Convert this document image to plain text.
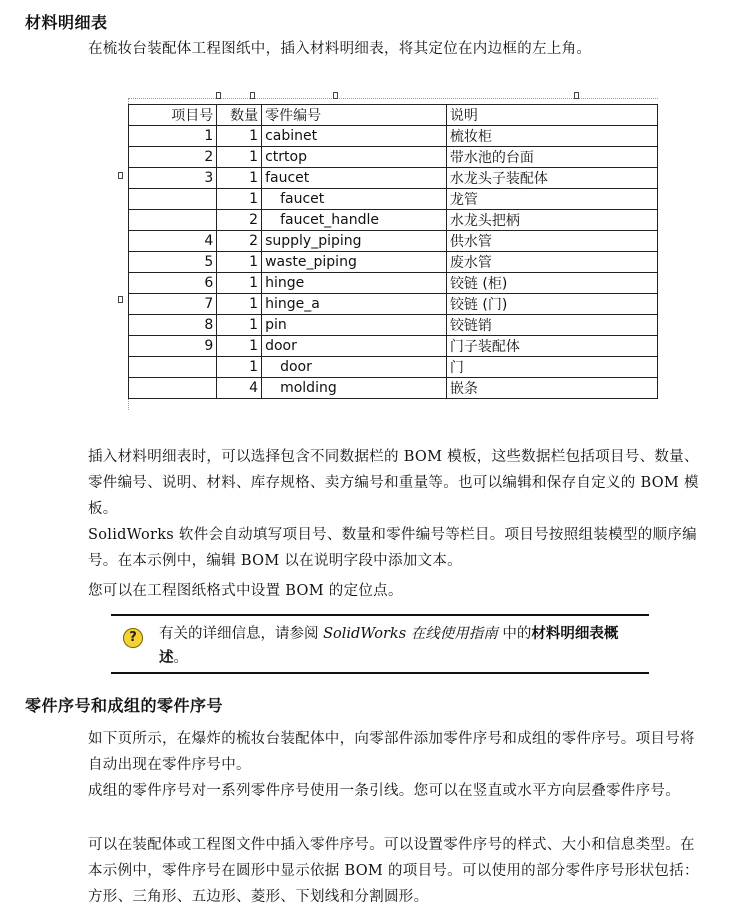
材料明细表

在梳妆台装配体工程图纸中，插入材料明细表，将其定位在内边框的左上角。

项目号	数量	零件编号	说明
1	1	cabinet	梳妆柜
2	1	ctrtop	带水池的台面
3	1	faucet	水龙头子装配体
	1	faucet	龙管
	2	faucet_handle	水龙头把柄
4	2	supply_piping	供水管
5	1	waste_piping	废水管
6	1	hinge	铰链 (柜)
7	1	hinge_a	铰链 (门)
8	1	pin	铰链销
9	1	door	门子装配体
	1	door	门
	4	molding	嵌条

插入材料明细表时，可以选择包含不同数据栏的 BOM 模板，这些数据栏包括项目号、数量、零件编号、说明、材料、库存规格、卖方编号和重量等。也可以编辑和保存自定义的 BOM 模板。

SolidWorks 软件会自动填写项目号、数量和零件编号等栏目。项目号按照组装模型的顺序编号。在本示例中，编辑 BOM 以在说明字段中添加文本。

您可以在工程图纸格式中设置 BOM 的定位点。

?	有关的详细信息，请参阅 SolidWorks 在线使用指南 中的材料明细表概述。
零件序号和成组的零件序号

如下页所示，在爆炸的梳妆台装配体中，向零部件添加零件序号和成组的零件序号。项目号将自动出现在零件序号中。

成组的零件序号对一系列零件序号使用一条引线。您可以在竖直或水平方向层叠零件序号。

可以在装配体或工程图文件中插入零件序号。可以设置零件序号的样式、大小和信息类型。在本示例中，零件序号在圆形中显示依据 BOM 的项目号。可以使用的部分零件序号形状包括：方形、三角形、五边形、菱形、下划线和分割圆形。
